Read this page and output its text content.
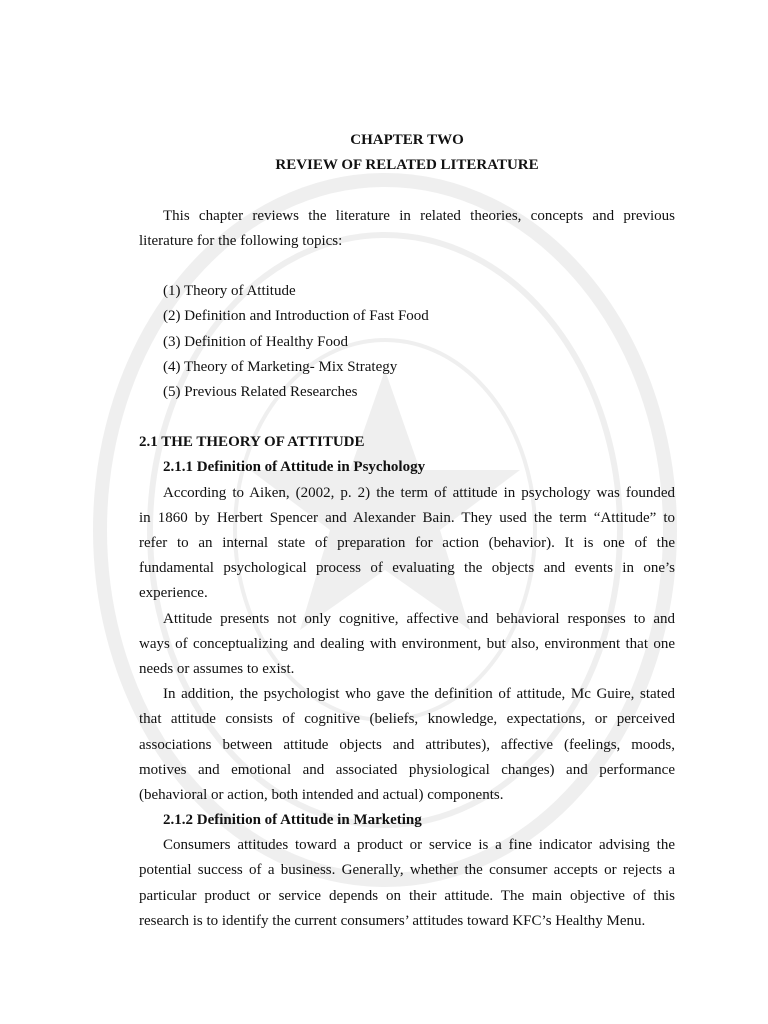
CHAPTER TWO
REVIEW OF RELATED LITERATURE
This chapter reviews the literature in related theories, concepts and previous
literature for the following topics:
(1) Theory of Attitude
(2) Definition and Introduction of Fast Food
(3) Definition of Healthy Food
(4) Theory of Marketing- Mix Strategy
(5) Previous Related Researches
2.1 THE THEORY OF ATTITUDE
2.1.1 Definition of Attitude in Psychology
According to Aiken, (2002, p. 2) the term of attitude in psychology was founded
in 1860 by Herbert Spencer and Alexander Bain. They used the term “Attitude” to
refer to an internal state of preparation for action (behavior). It is one of the
fundamental psychological process of evaluating the objects and events in one’s
experience.
Attitude presents not only cognitive, affective and behavioral responses to and
ways of conceptualizing and dealing with environment, but also, environment that one
needs or assumes to exist.
In addition, the psychologist who gave the definition of attitude, Mc Guire, stated
that attitude consists of cognitive (beliefs, knowledge, expectations, or perceived
associations between attitude objects and attributes), affective (feelings, moods,
motives and emotional and associated physiological changes) and performance
(behavioral or action, both intended and actual) components.
2.1.2 Definition of Attitude in Marketing
Consumers attitudes toward a product or service is a fine indicator advising the
potential success of a business. Generally, whether the consumer accepts or rejects a
particular product or service depends on their attitude. The main objective of this
research is to identify the current consumers’ attitudes toward KFC’s Healthy Menu.
